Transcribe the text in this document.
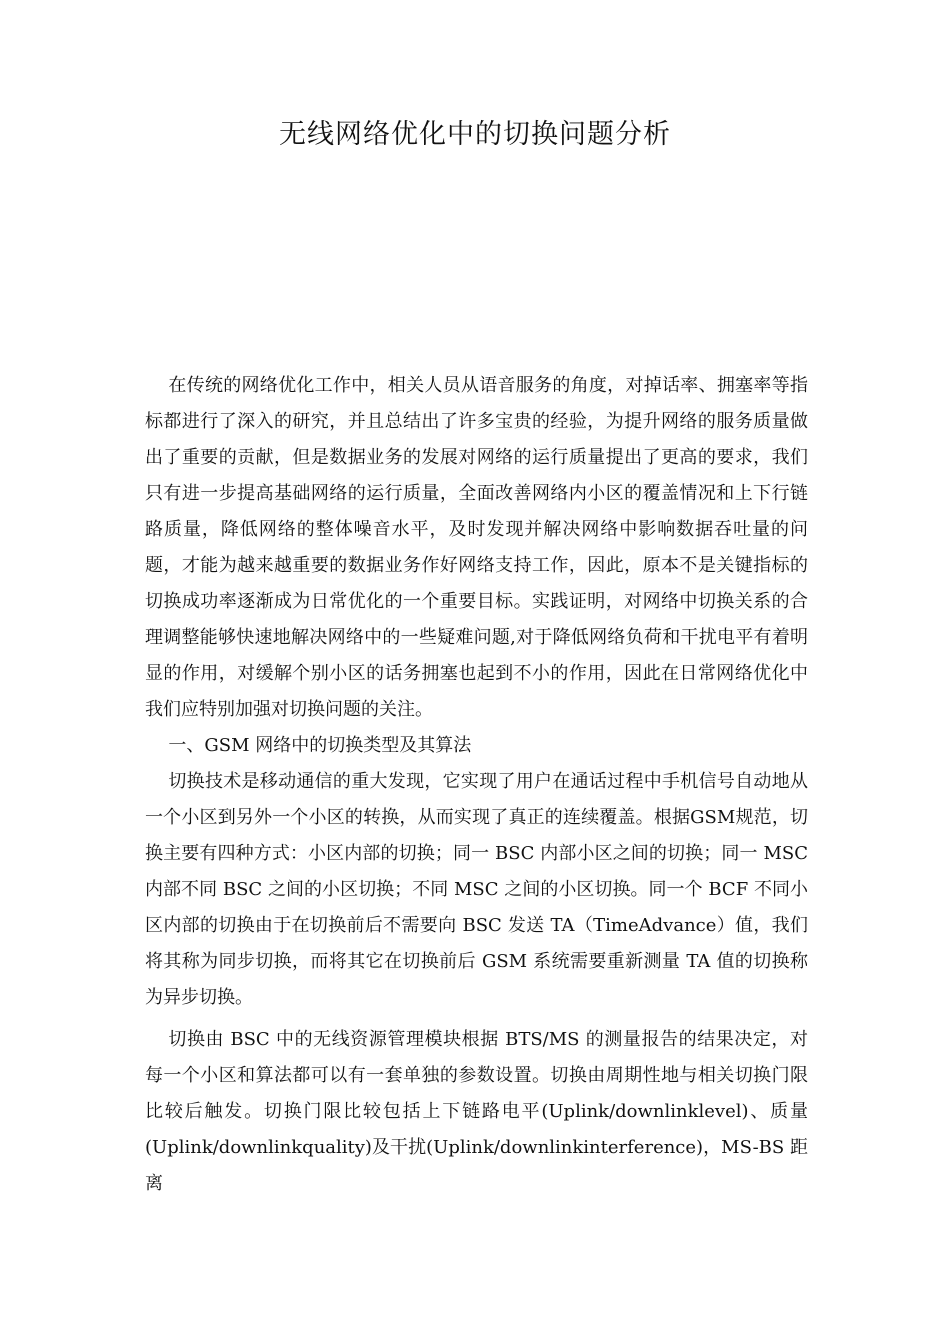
无线网络优化中的切换问题分析

在传统的网络优化工作中，相关人员从语音服务的角度，对掉话率、拥塞率等指标都进行了深入的研究，并且总结出了许多宝贵的经验，为提升网络的服务质量做出了重要的贡献，但是数据业务的发展对网络的运行质量提出了更高的要求，我们只有进一步提高基础网络的运行质量，全面改善网络内小区的覆盖情况和上下行链路质量，降低网络的整体噪音水平，及时发现并解决网络中影响数据吞吐量的问题，才能为越来越重要的数据业务作好网络支持工作，因此，原本不是关键指标的切换成功率逐渐成为日常优化的一个重要目标。实践证明，对网络中切换关系的合理调整能够快速地解决网络中的一些疑难问题,对于降低网络负荷和干扰电平有着明显的作用，对缓解个别小区的话务拥塞也起到不小的作用，因此在日常网络优化中我们应特别加强对切换问题的关注。

一、GSM 网络中的切换类型及其算法

切换技术是移动通信的重大发现，它实现了用户在通话过程中手机信号自动地从一个小区到另外一个小区的转换，从而实现了真正的连续覆盖。根据GSM规范，切换主要有四种方式：小区内部的切换；同一 BSC 内部小区之间的切换；同一 MSC 内部不同 BSC 之间的小区切换；不同 MSC 之间的小区切换。同一个 BCF 不同小区内部的切换由于在切换前后不需要向 BSC 发送 TA（TimeAdvance）值，我们将其称为同步切换，而将其它在切换前后 GSM 系统需要重新测量 TA 值的切换称为异步切换。

切换由 BSC 中的无线资源管理模块根据 BTS/MS 的测量报告的结果决定，对每一个小区和算法都可以有一套单独的参数设置。切换由周期性地与相关切换门限比较后触发。切换门限比较包括上下链路电平(Uplink/downlinklevel)、质量(Uplink/downlinkquality)及干扰(Uplink/downlinkinterference)，MS-BS 距离
